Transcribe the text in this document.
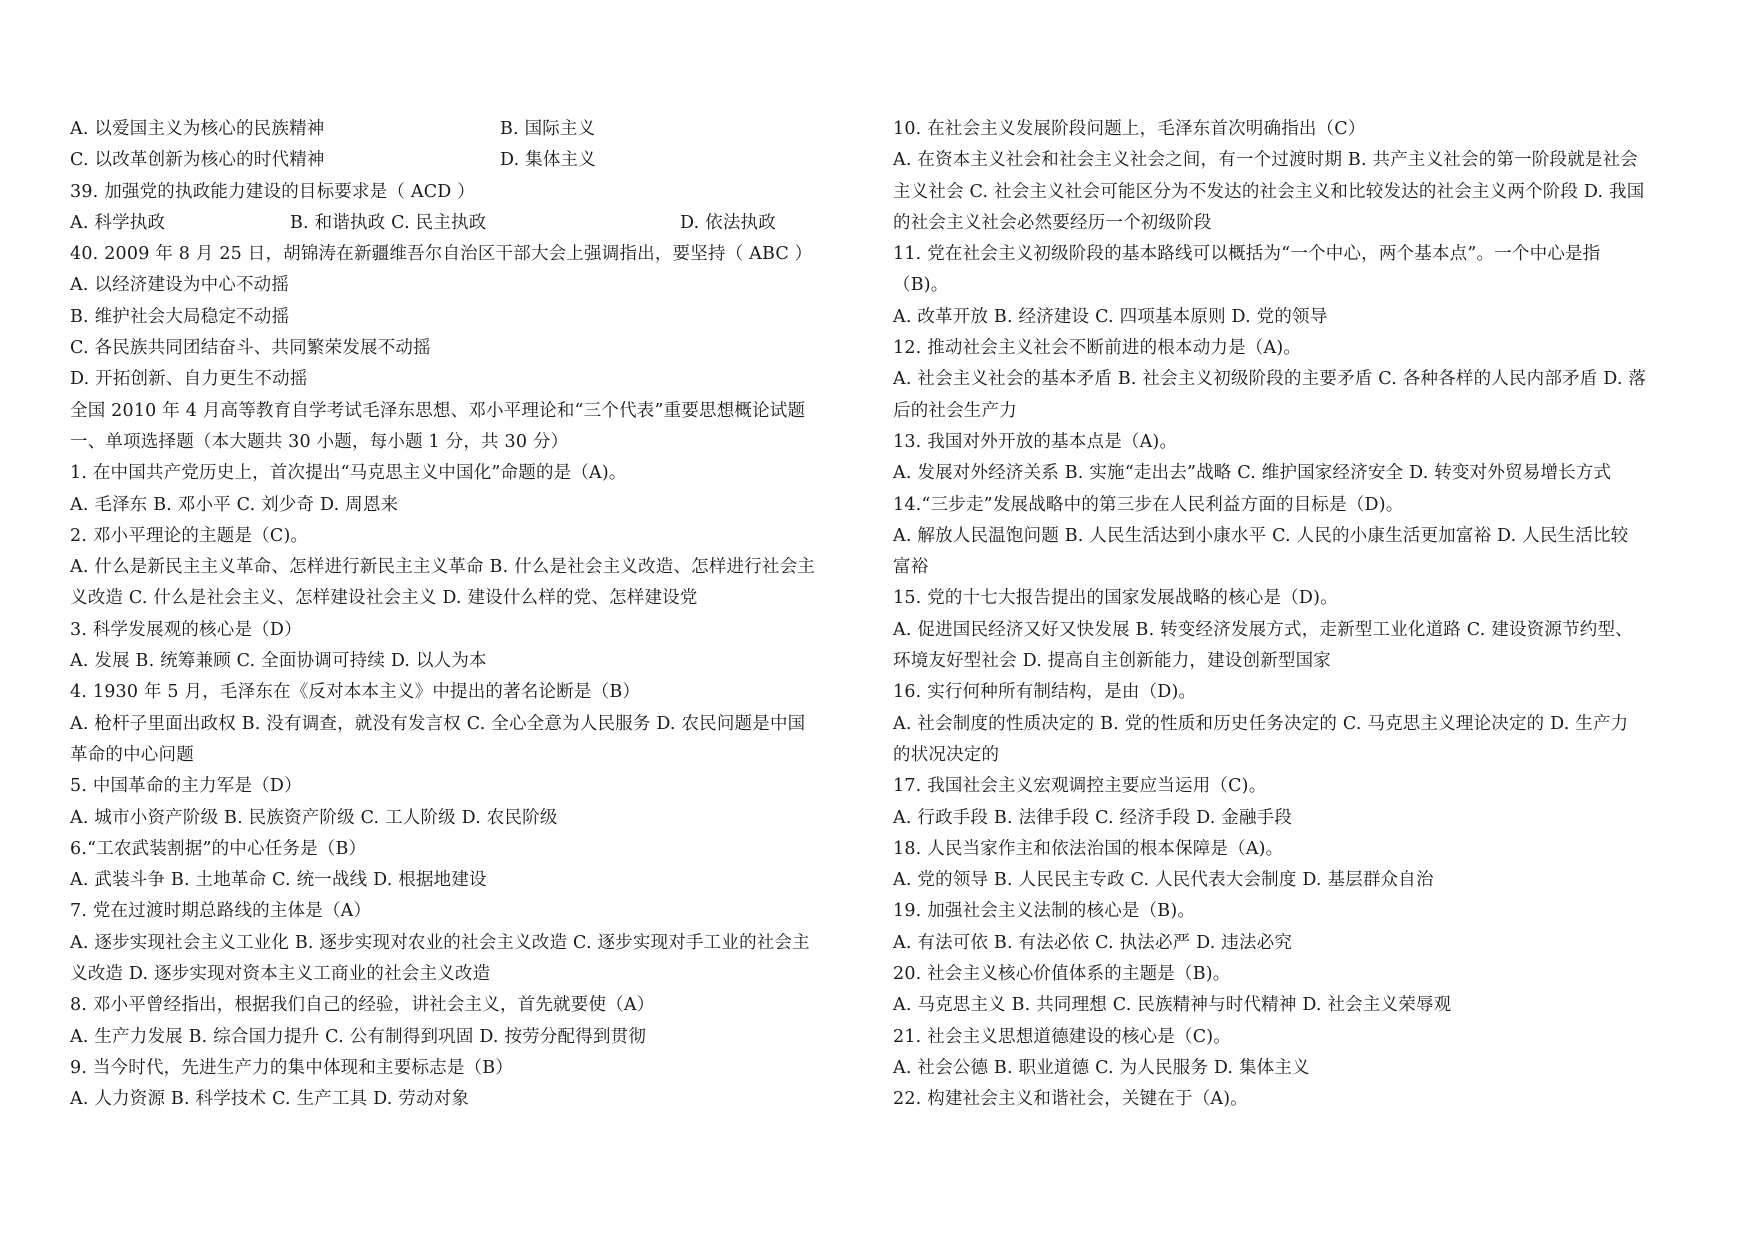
A. 以爱国主义为核心的民族精神	B. 国际主义
C. 以改革创新为核心的时代精神	D. 集体主义
39. 加强党的执政能力建设的目标要求是（ ACD ）
A. 科学执政	B. 和谐执政 C. 民主执政	D. 依法执政
40. 2009 年 8 月 25 日，胡锦涛在新疆维吾尔自治区干部大会上强调指出，要坚持（ ABC ）
A. 以经济建设为中心不动摇
B. 维护社会大局稳定不动摇
C. 各民族共同团结奋斗、共同繁荣发展不动摇
D. 开拓创新、自力更生不动摇
全国 2010 年 4 月高等教育自学考试毛泽东思想、邓小平理论和“三个代表”重要思想概论试题
一、单项选择题（本大题共 30 小题，每小题 1 分，共 30 分）
1. 在中国共产党历史上，首次提出“马克思主义中国化”命题的是（A)。
A. 毛泽东 B. 邓小平 C. 刘少奇 D. 周恩来
2. 邓小平理论的主题是（C)。
A. 什么是新民主主义革命、怎样进行新民主主义革命 B. 什么是社会主义改造、怎样进行社会主
义改造 C. 什么是社会主义、怎样建设社会主义 D. 建设什么样的党、怎样建设党
3. 科学发展观的核心是（D）
A. 发展 B. 统筹兼顾 C. 全面协调可持续 D. 以人为本
4. 1930 年 5 月，毛泽东在《反对本本主义》中提出的著名论断是（B）
A. 枪杆子里面出政权 B. 没有调查，就没有发言权 C. 全心全意为人民服务 D. 农民问题是中国
革命的中心问题
5. 中国革命的主力军是（D）
A. 城市小资产阶级 B. 民族资产阶级 C. 工人阶级 D. 农民阶级
6.“工农武装割据”的中心任务是（B）
A. 武装斗争 B. 土地革命 C. 统一战线 D. 根据地建设
7. 党在过渡时期总路线的主体是（A）
A. 逐步实现社会主义工业化 B. 逐步实现对农业的社会主义改造 C. 逐步实现对手工业的社会主
义改造 D. 逐步实现对资本主义工商业的社会主义改造
8. 邓小平曾经指出，根据我们自己的经验，讲社会主义，首先就要使（A）
A. 生产力发展 B. 综合国力提升 C. 公有制得到巩固 D. 按劳分配得到贯彻
9. 当今时代，先进生产力的集中体现和主要标志是（B）
A. 人力资源 B. 科学技术 C. 生产工具 D. 劳动对象
10. 在社会主义发展阶段问题上，毛泽东首次明确指出（C）
A. 在资本主义社会和社会主义社会之间，有一个过渡时期 B. 共产主义社会的第一阶段就是社会
主义社会 C. 社会主义社会可能区分为不发达的社会主义和比较发达的社会主义两个阶段 D. 我国
的社会主义社会必然要经历一个初级阶段
11. 党在社会主义初级阶段的基本路线可以概括为“一个中心，两个基本点”。一个中心是指
（B)。
A. 改革开放 B. 经济建设 C. 四项基本原则 D. 党的领导
12. 推动社会主义社会不断前进的根本动力是（A)。
A. 社会主义社会的基本矛盾 B. 社会主义初级阶段的主要矛盾 C. 各种各样的人民内部矛盾 D. 落
后的社会生产力
13. 我国对外开放的基本点是（A)。
A. 发展对外经济关系 B. 实施“走出去”战略 C. 维护国家经济安全 D. 转变对外贸易增长方式
14.“三步走”发展战略中的第三步在人民利益方面的目标是（D)。
A. 解放人民温饱问题 B. 人民生活达到小康水平 C. 人民的小康生活更加富裕 D. 人民生活比较
富裕
15. 党的十七大报告提出的国家发展战略的核心是（D)。
A. 促进国民经济又好又快发展 B. 转变经济发展方式，走新型工业化道路 C. 建设资源节约型、
环境友好型社会 D. 提高自主创新能力，建设创新型国家
16. 实行何种所有制结构，是由（D)。
A. 社会制度的性质决定的 B. 党的性质和历史任务决定的 C. 马克思主义理论决定的 D. 生产力
的状况决定的
17. 我国社会主义宏观调控主要应当运用（C)。
A. 行政手段 B. 法律手段 C. 经济手段 D. 金融手段
18. 人民当家作主和依法治国的根本保障是（A)。
A. 党的领导 B. 人民民主专政 C. 人民代表大会制度 D. 基层群众自治
19. 加强社会主义法制的核心是（B)。
A. 有法可依 B. 有法必依 C. 执法必严 D. 违法必究
20. 社会主义核心价值体系的主题是（B)。
A. 马克思主义 B. 共同理想 C. 民族精神与时代精神 D. 社会主义荣辱观
21. 社会主义思想道德建设的核心是（C)。
A. 社会公德 B. 职业道德 C. 为人民服务 D. 集体主义
22. 构建社会主义和谐社会，关键在于（A)。
